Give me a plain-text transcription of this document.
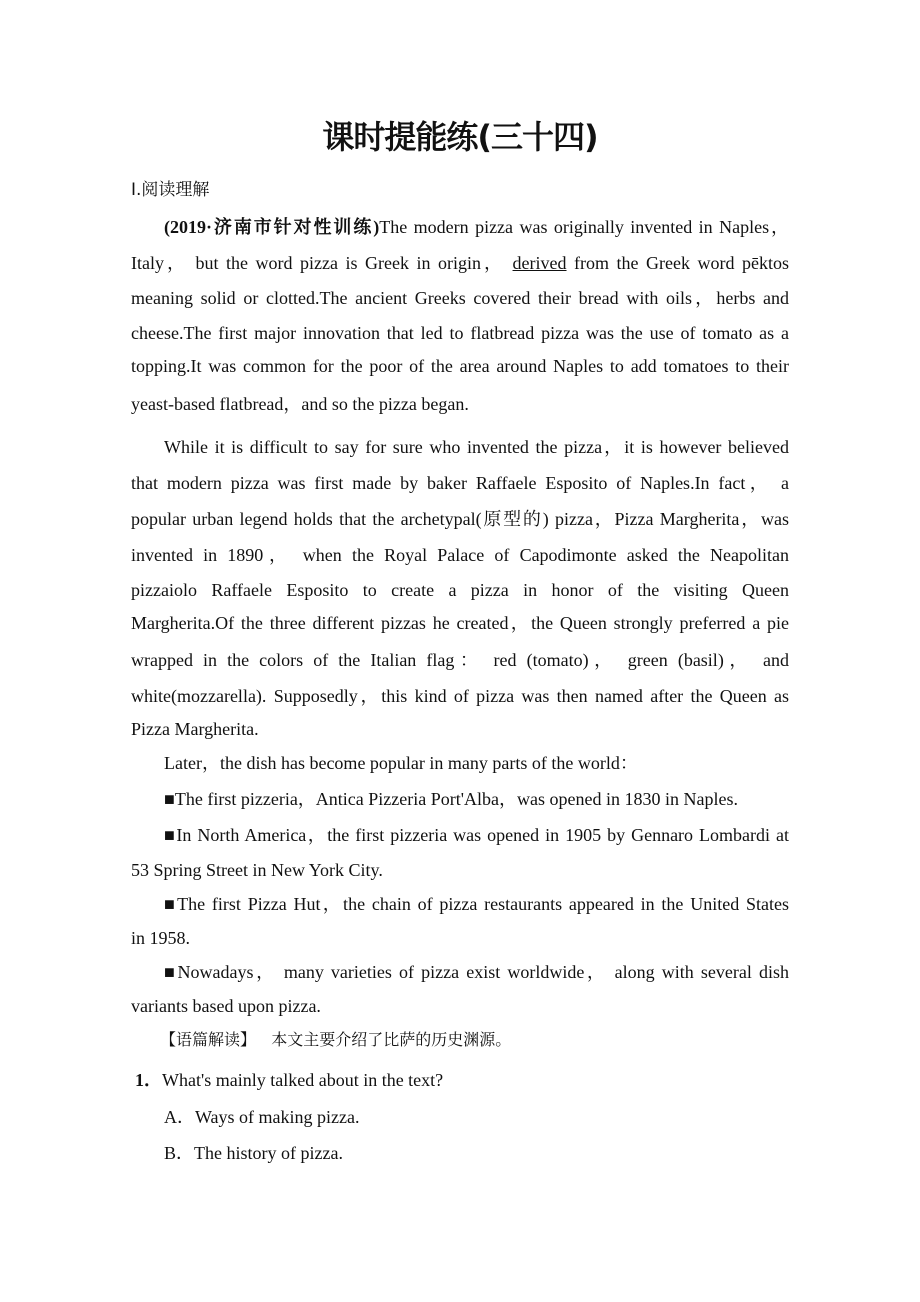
课时提能练(三十四)
Ⅰ.阅读理解
(2019·济南市针对性训练)The modern pizza was originally invented in Naples，
Italy， but the word pizza is Greek in origin， derived from the Greek word pēktos
meaning solid or clotted.The ancient Greeks covered their bread with oils，herbs and
cheese.The first major innovation that led to flatbread pizza was the use of tomato as a
topping.It was common for the poor of the area around Naples to add tomatoes to their
yeast-based flatbread，and so the pizza began.
While it is difficult to say for sure who invented the pizza，it is however believed
that modern pizza was first made by baker Raffaele Esposito of Naples.In fact， a
popular urban legend holds that the archetypal(原型的) pizza，Pizza Margherita，was
invented in 1890， when the Royal Palace of Capodimonte asked the Neapolitan
pizzaiolo Raffaele Esposito to create a pizza in honor of the visiting Queen
Margherita.Of the three different pizzas he created，the Queen strongly preferred a pie
wrapped in the colors of the Italian flag： red (tomato)， green (basil)， and
white(mozzarella). Supposedly，this kind of pizza was then named after the Queen as
Pizza Margherita.
Later，the dish has become popular in many parts of the world：
■The first pizzeria，Antica Pizzeria Port'Alba，was opened in 1830 in Naples.
■In North America，the first pizzeria was opened in 1905 by Gennaro Lombardi at
53 Spring Street in New York City.
■The first Pizza Hut，the chain of pizza restaurants appeared in the United States
in 1958.
■Nowadays， many varieties of pizza exist worldwide， along with several dish
variants based upon pizza.
【语篇解读】 本文主要介绍了比萨的历史渊源。
1．What's mainly talked about in the text?
A．Ways of making pizza.
B．The history of pizza.
